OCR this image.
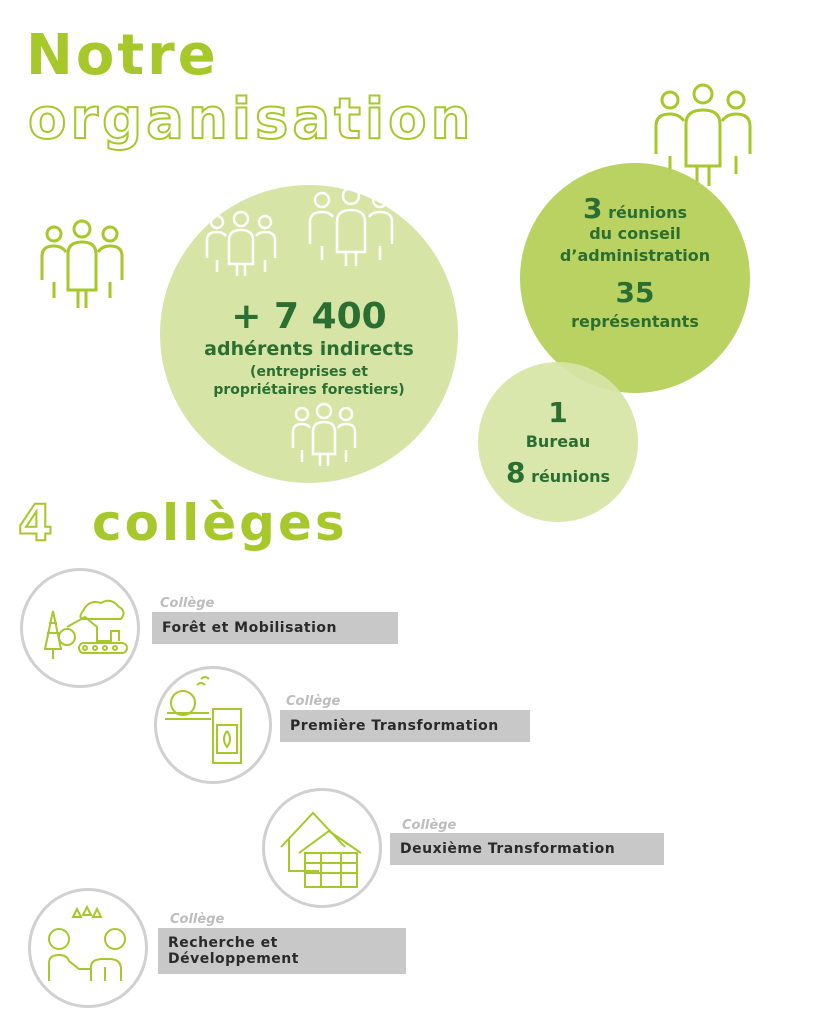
Notre
organisation
+ 7 400
adhérents indirects
(entreprises et
propriétaires forestiers)
3 réunions
du conseil
d’administration
35
représentants
1
Bureau
8 réunions
4 collèges
Collège
Forêt et Mobilisation
Collège
Première Transformation
Collège
Deuxième Transformation
Collège
Recherche et
Développement
